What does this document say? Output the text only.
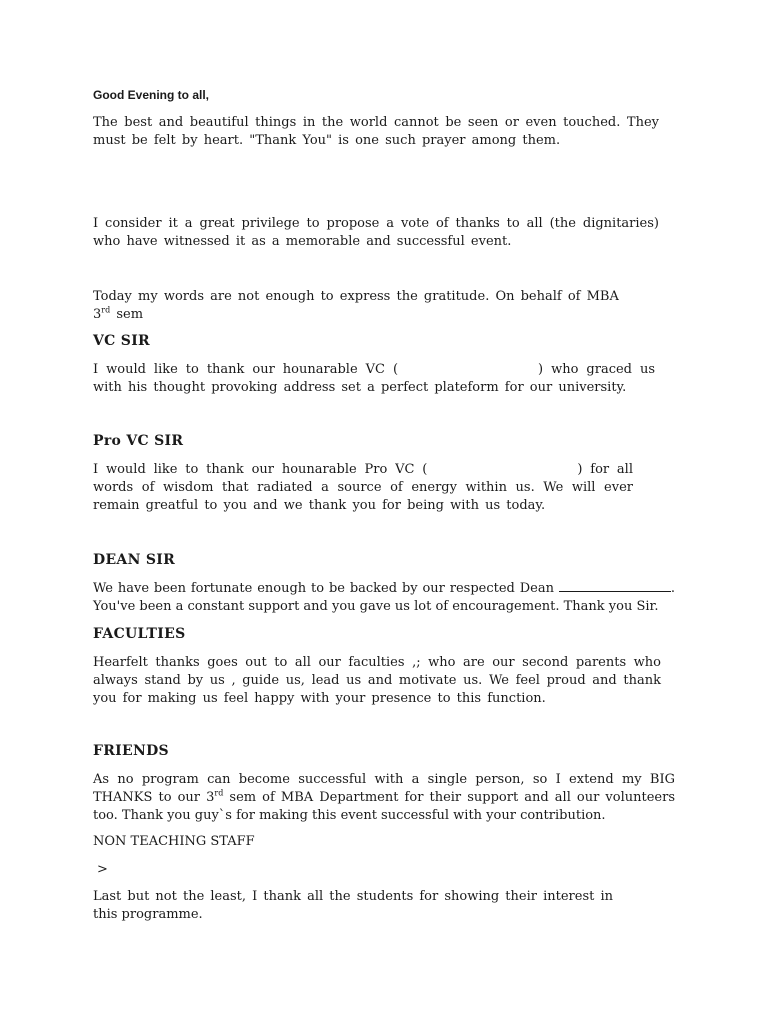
Good Evening to all,

The best and beautiful things in the world cannot be seen or even touched. They must be felt by heart. "Thank You" is one such prayer among them.

I consider it a great privilege to propose a vote of thanks to all (the dignitaries) who have witnessed it as a memorable and successful event.

Today my words are not enough to express the gratitude. On behalf of MBA
3rd sem

VC SIR

I would like to thank our hounarable VC (	) who graced us with his thought provoking address set a perfect plateform for our university.

Pro VC SIR

I would like to thank our hounarable Pro VC (	) for all words of wisdom that radiated a source of energy within us. We will ever remain greatful to you and we thank you for being with us today.

DEAN SIR

We have been fortunate enough to be backed by our respected Dean	. You've been a constant support and you gave us lot of encouragement. Thank you Sir.

FACULTIES

Hearfelt thanks goes out to all our faculties ,; who are our second parents who always stand by us , guide us, lead us and motivate us. We feel proud and thank you for making us feel happy with your presence to this function.

FRIENDS

As no program can become successful with a single person, so I extend my BIG THANKS to our 3rd sem of MBA Department for their support and all our volunteers too. Thank you guy`s for making this event successful with your contribution.

NON TEACHING STAFF

>

Last but not the least, I thank all the students for showing their interest in this programme.
